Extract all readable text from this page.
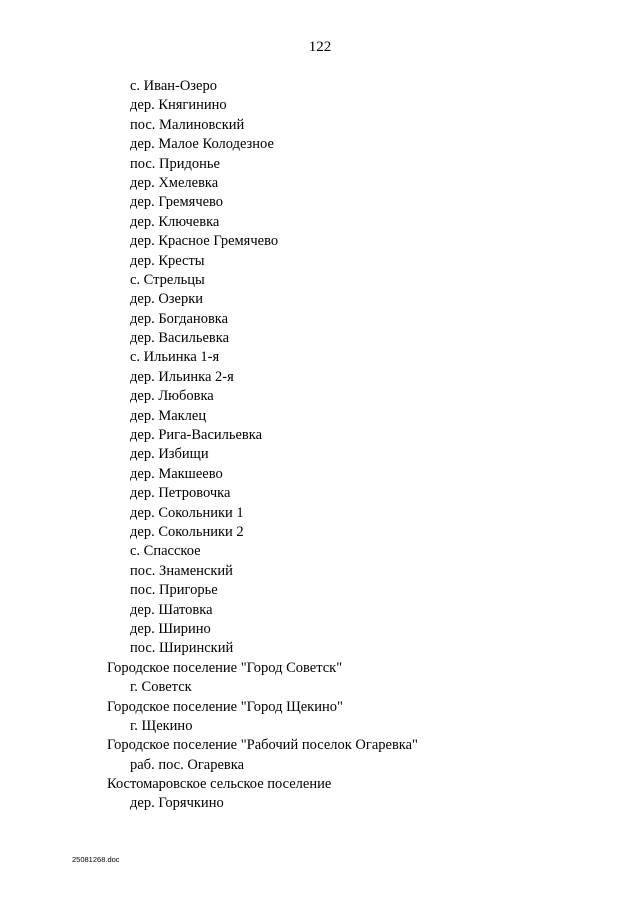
122
с. Иван-Озеро
дер. Княгинино
пос. Малиновский
дер. Малое Колодезное
пос. Придонье
дер. Хмелевка
дер. Гремячево
дер. Ключевка
дер. Красное Гремячево
дер. Кресты
с. Стрельцы
дер. Озерки
дер. Богдановка
дер. Васильевка
с. Ильинка 1-я
дер. Ильинка 2-я
дер. Любовка
дер. Маклец
дер. Рига-Васильевка
дер. Избищи
дер. Макшеево
дер. Петровочка
дер. Сокольники 1
дер. Сокольники 2
с. Спасское
пос. Знаменский
пос. Пригорье
дер. Шатовка
дер. Ширино
пос. Ширинский
Городское поселение "Город Советск"
г. Советск
Городское поселение "Город Щекино"
г. Щекино
Городское поселение "Рабочий поселок Огаревка"
раб. пос. Огаревка
Костомаровское сельское поселение
дер. Горячкино
25081268.doc
